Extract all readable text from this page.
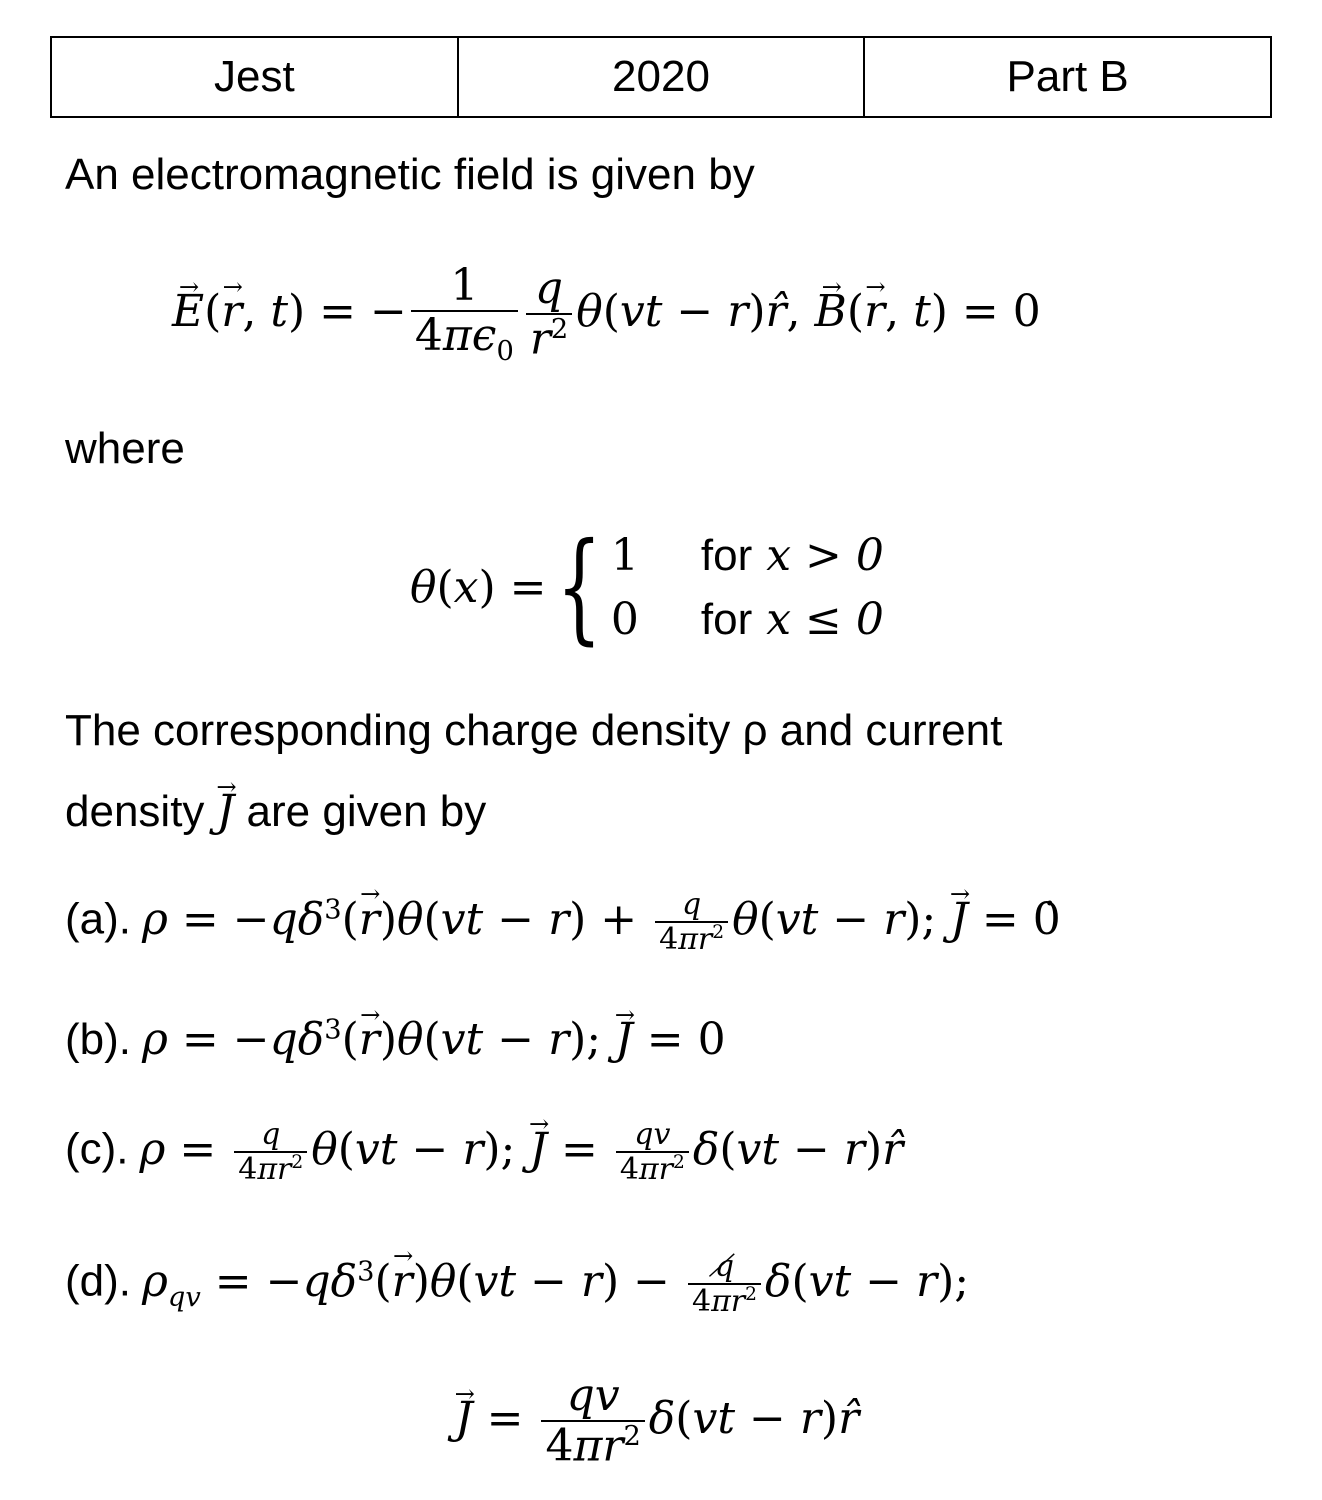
Jest	2020	Part B
An electromagnetic field is given by
→ E(→ r, t) = − $\frac{1}{4\pi\epsilon_0} \frac{q}{r^2} \theta(vt$ − r)r̂, → B(→ r, t) = 0
where
θ(x) ={ 1 for x > 0
0 for x ≤ 0
The corresponding charge density ρ and current
density → J are given by
(a). $\rho = -q\delta^3(\to r)\theta(vt - r) + \frac{q}{4\pi r^2} \theta(vt - r)$; → J = 0̇
(b). $\rho = -q\delta^3(\to r)\theta(vt - r)$; → J = 0
(c). $\rho = \frac{q}{4\pi r^2} \theta(vt - r)$; → $J = \frac{qv}{4\pi r^2} \delta(vt$ − r)r̂
(d). $\rho_{qv} = -q\delta^3(\to r)\theta(vt - r) - \frac{q̸}{4\pi r^2} \delta(vt - r)$;
→ $J = \frac{qv}{4\pi r^2} \delta(vt$ − r)r̂
